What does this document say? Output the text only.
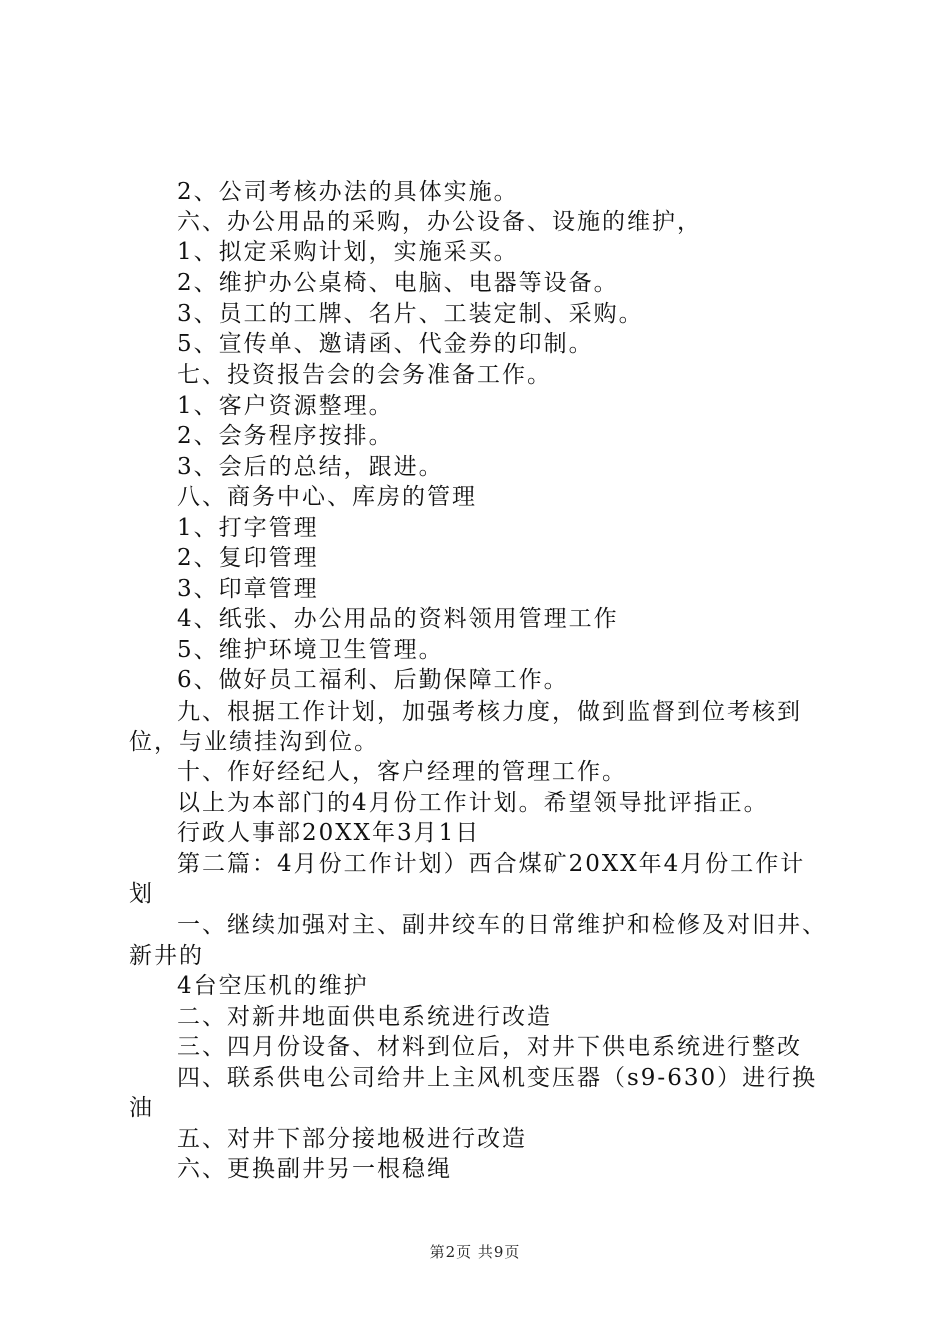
2、公司考核办法的具体实施。
六、办公用品的采购，办公设备、设施的维护，
1、拟定采购计划，实施采买。
2、维护办公桌椅、电脑、电器等设备。
3、员工的工牌、名片、工装定制、采购。
5、宣传单、邀请函、代金券的印制。
七、投资报告会的会务准备工作。
1、客户资源整理。
2、会务程序按排。
3、会后的总结，跟进。
八、商务中心、库房的管理
1、打字管理
2、复印管理
3、印章管理
4、纸张、办公用品的资料领用管理工作
5、维护环境卫生管理。
6、做好员工福利、后勤保障工作。
九、根据工作计划，加强考核力度，做到监督到位考核到
位，与业绩挂沟到位。
十、作好经纪人，客户经理的管理工作。
以上为本部门的4月份工作计划。希望领导批评指正。
行政人事部20XX年3月1日
第二篇：4月份工作计划）西合煤矿20XX年4月份工作计
划
一、继续加强对主、副井绞车的日常维护和检修及对旧井、
新井的
4台空压机的维护
二、对新井地面供电系统进行改造
三、四月份设备、材料到位后，对井下供电系统进行整改
四、联系供电公司给井上主风机变压器（s9-630）进行换
油
五、对井下部分接地极进行改造
六、更换副井另一根稳绳
第2页 共9页
